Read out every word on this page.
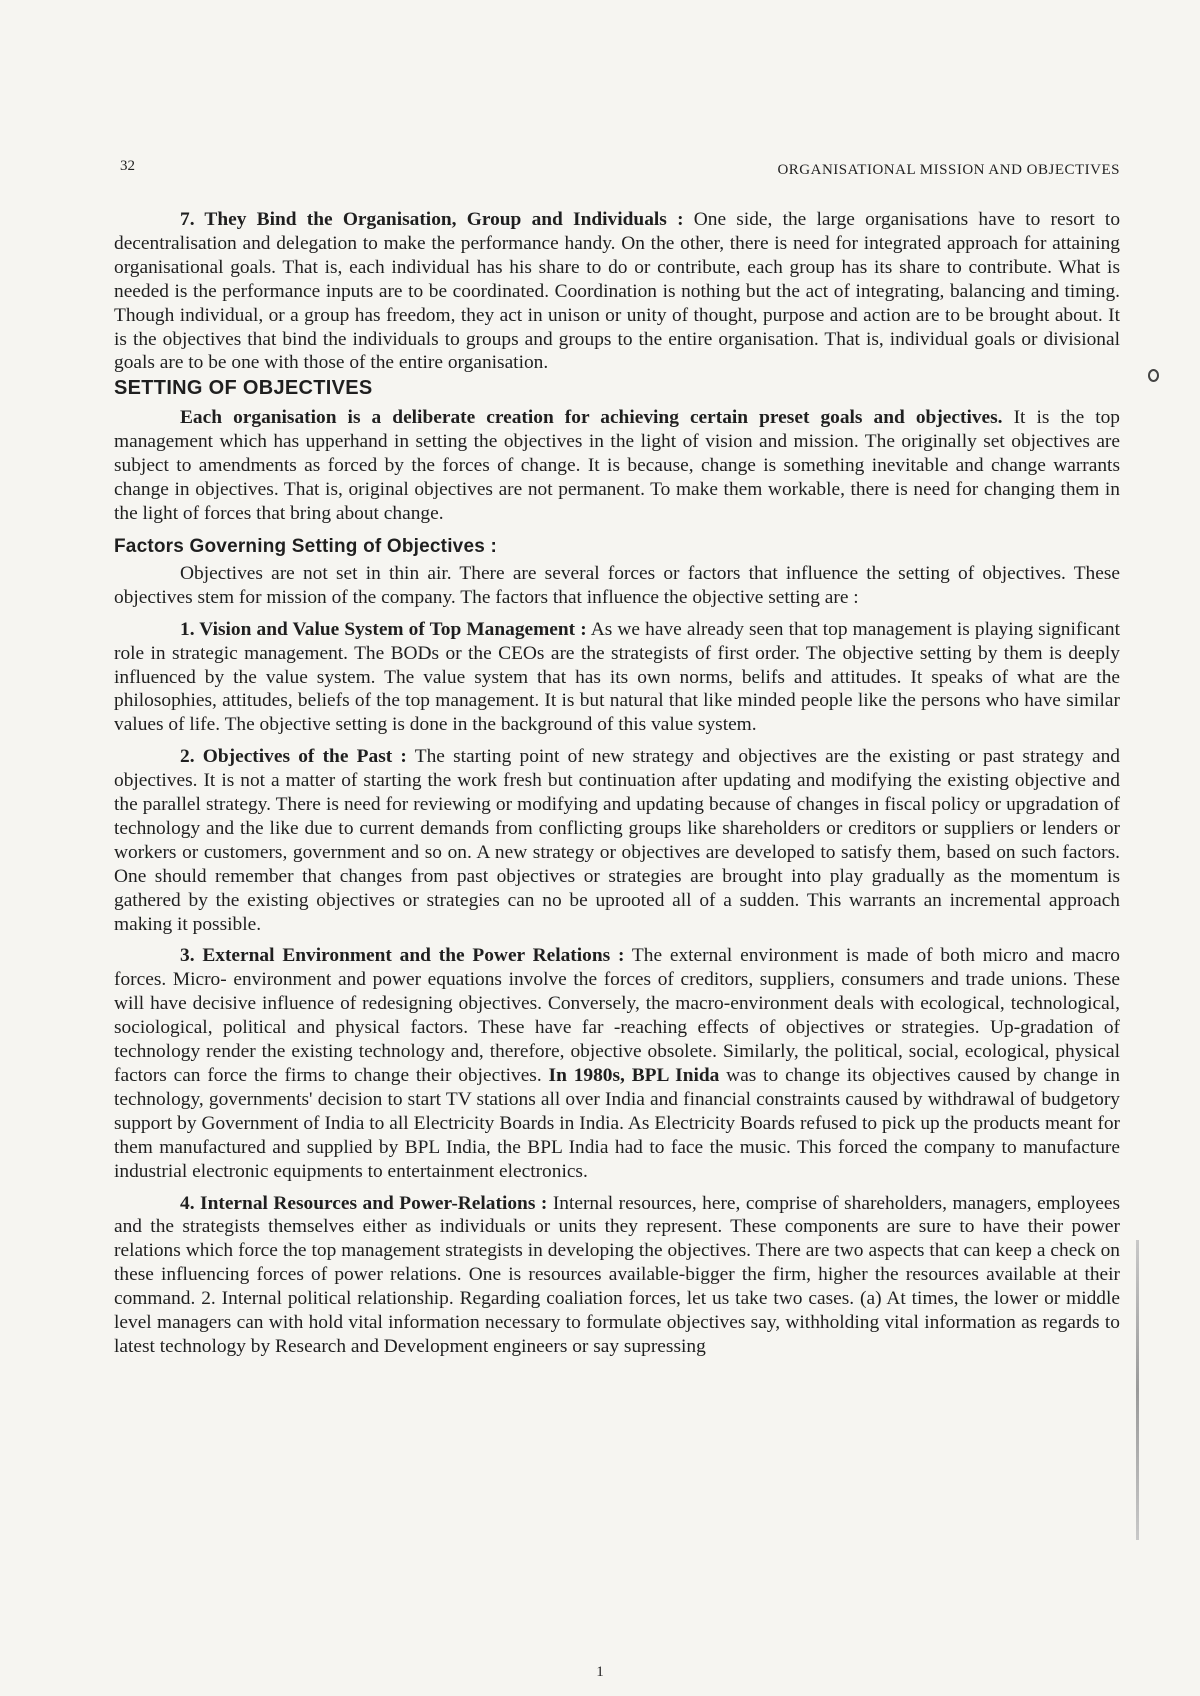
32	ORGANISATIONAL MISSION AND OBJECTIVES

7. They Bind the Organisation, Group and Individuals : One side, the large organisations have to resort to decentralisation and delegation to make the performance handy. On the other, there is need for integrated approach for attaining organisational goals. That is, each individual has his share to do or contribute, each group has its share to contribute. What is needed is the performance inputs are to be coordinated. Coordination is nothing but the act of integrating, balancing and timing. Though individual, or a group has freedom, they act in unison or unity of thought, purpose and action are to be brought about. It is the objectives that bind the individuals to groups and groups to the entire organisation. That is, individual goals or divisional goals are to be one with those of the entire organisation.

SETTING OF OBJECTIVES

Each organisation is a deliberate creation for achieving certain preset goals and objectives. It is the top management which has upperhand in setting the objectives in the light of vision and mission. The originally set objectives are subject to amendments as forced by the forces of change. It is because, change is something inevitable and change warrants change in objectives. That is, original objectives are not permanent. To make them workable, there is need for changing them in the light of forces that bring about change.

Factors Governing Setting of Objectives :

Objectives are not set in thin air. There are several forces or factors that influence the setting of objectives. These objectives stem for mission of the company. The factors that influence the objective setting are :

1. Vision and Value System of Top Management : As we have already seen that top management is playing significant role in strategic management. The BODs or the CEOs are the strategists of first order. The objective setting by them is deeply influenced by the value system. The value system that has its own norms, belifs and attitudes. It speaks of what are the philosophies, attitudes, beliefs of the top management. It is but natural that like minded people like the persons who have similar values of life. The objective setting is done in the background of this value system.

2. Objectives of the Past : The starting point of new strategy and objectives are the existing or past strategy and objectives. It is not a matter of starting the work fresh but continuation after updating and modifying the existing objective and the parallel strategy. There is need for reviewing or modifying and updating because of changes in fiscal policy or upgradation of technology and the like due to current demands from conflicting groups like shareholders or creditors or suppliers or lenders or workers or customers, government and so on. A new strategy or objectives are developed to satisfy them, based on such factors. One should remember that changes from past objectives or strategies are brought into play gradually as the momentum is gathered by the existing objectives or strategies can no be uprooted all of a sudden. This warrants an incremental approach making it possible.

3. External Environment and the Power Relations : The external environment is made of both micro and macro forces. Micro- environment and power equations involve the forces of creditors, suppliers, consumers and trade unions. These will have decisive influence of redesigning objectives. Conversely, the macro-environment deals with ecological, technological, sociological, political and physical factors. These have far -reaching effects of objectives or strategies. Up-gradation of technology render the existing technology and, therefore, objective obsolete. Similarly, the political, social, ecological, physical factors can force the firms to change their objectives. In 1980s, BPL Inida was to change its objectives caused by change in technology, governments' decision to start TV stations all over India and financial constraints caused by withdrawal of budgetory support by Government of India to all Electricity Boards in India. As Electricity Boards refused to pick up the products meant for them manufactured and supplied by BPL India, the BPL India had to face the music. This forced the company to manufacture industrial electronic equipments to entertainment electronics.

4. Internal Resources and Power-Relations : Internal resources, here, comprise of shareholders, managers, employees and the strategists themselves either as individuals or units they represent. These components are sure to have their power relations which force the top management strategists in developing the objectives. There are two aspects that can keep a check on these influencing forces of power relations. One is resources available-bigger the firm, higher the resources available at their command. 2. Internal political relationship. Regarding coaliation forces, let us take two cases. (a) At times, the lower or middle level managers can with hold vital information necessary to formulate objectives say, withholding vital information as regards to latest technology by Research and Development engineers or say supressing

1
